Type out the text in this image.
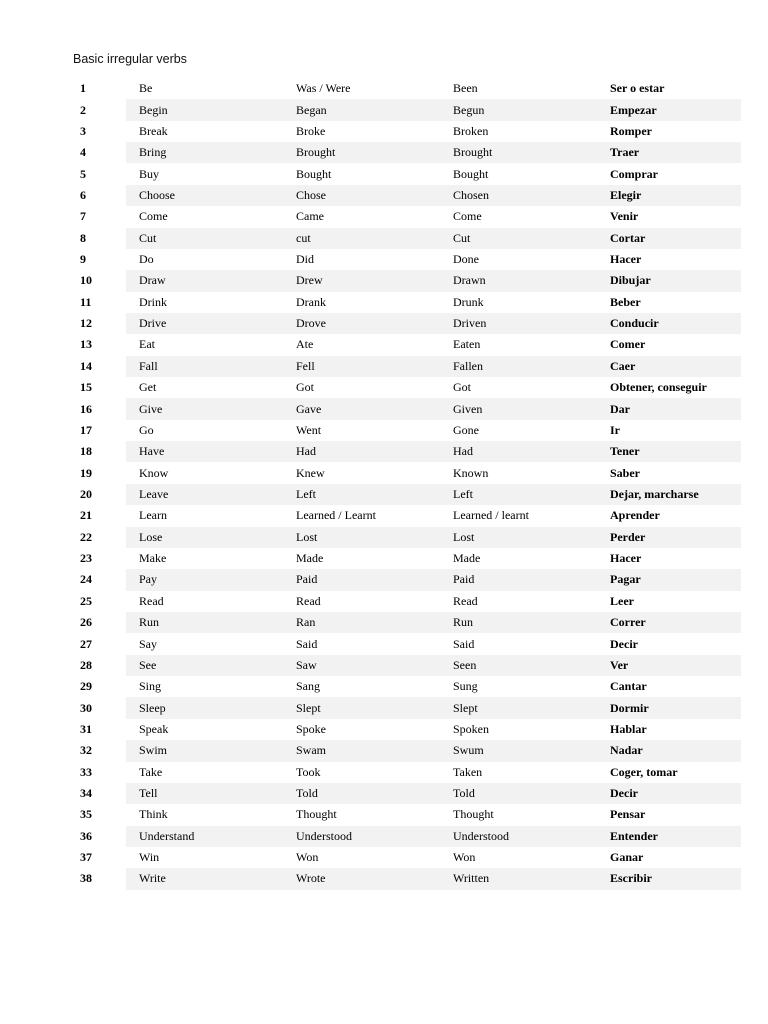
Basic irregular verbs
1	Be	Was / Were	Been	Ser o estar
2	Begin	Began	Begun	Empezar
3	Break	Broke	Broken	Romper
4	Bring	Brought	Brought	Traer
5	Buy	Bought	Bought	Comprar
6	Choose	Chose	Chosen	Elegir
7	Come	Came	Come	Venir
8	Cut	cut	Cut	Cortar
9	Do	Did	Done	Hacer
10	Draw	Drew	Drawn	Dibujar
11	Drink	Drank	Drunk	Beber
12	Drive	Drove	Driven	Conducir
13	Eat	Ate	Eaten	Comer
14	Fall	Fell	Fallen	Caer
15	Get	Got	Got	Obtener, conseguir
16	Give	Gave	Given	Dar
17	Go	Went	Gone	Ir
18	Have	Had	Had	Tener
19	Know	Knew	Known	Saber
20	Leave	Left	Left	Dejar, marcharse
21	Learn	Learned / Learnt	Learned / learnt	Aprender
22	Lose	Lost	Lost	Perder
23	Make	Made	Made	Hacer
24	Pay	Paid	Paid	Pagar
25	Read	Read	Read	Leer
26	Run	Ran	Run	Correr
27	Say	Said	Said	Decir
28	See	Saw	Seen	Ver
29	Sing	Sang	Sung	Cantar
30	Sleep	Slept	Slept	Dormir
31	Speak	Spoke	Spoken	Hablar
32	Swim	Swam	Swum	Nadar
33	Take	Took	Taken	Coger, tomar
34	Tell	Told	Told	Decir
35	Think	Thought	Thought	Pensar
36	Understand	Understood	Understood	Entender
37	Win	Won	Won	Ganar
38	Write	Wrote	Written	Escribir
